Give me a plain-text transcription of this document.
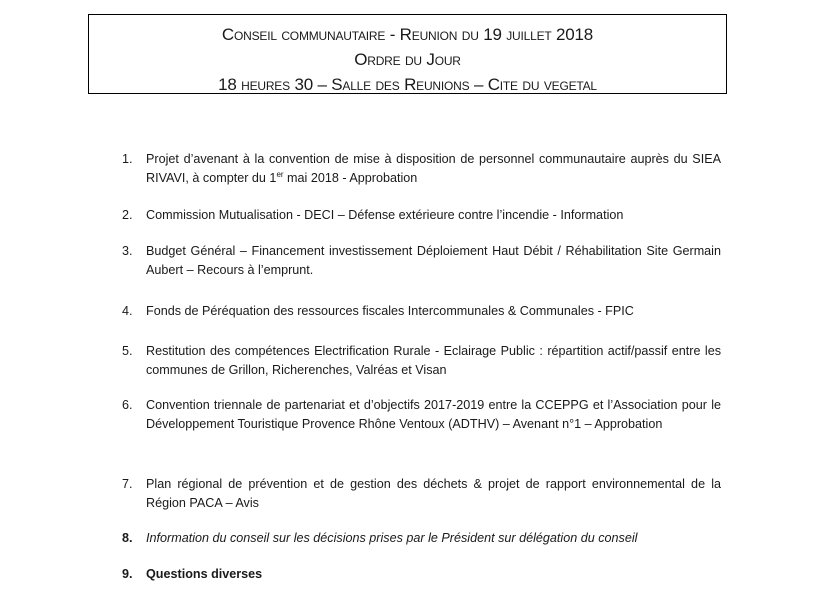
Conseil communautaire - Reunion du 19 juillet 2018
Ordre du Jour
18 heures 30 – Salle des Reunions – Cite du vegetal
1.	Projet d’avenant à la convention de mise à disposition de personnel communautaire auprès du SIEA RIVAVI, à compter du 1er mai 2018 - Approbation
2.	Commission Mutualisation - DECI – Défense extérieure contre l’incendie - Information
3.	Budget Général – Financement investissement Déploiement Haut Débit / Réhabilitation Site Germain Aubert – Recours à l’emprunt.
4.	Fonds de Péréquation des ressources fiscales Intercommunales & Communales - FPIC
5.	Restitution des compétences Electrification Rurale - Eclairage Public : répartition actif/passif entre les communes de Grillon, Richerenches, Valréas et Visan
6.	Convention triennale de partenariat et d’objectifs 2017-2019 entre la CCEPPG et l’Association pour le Développement Touristique Provence Rhône Ventoux (ADTHV) – Avenant n°1 – Approbation
7.	Plan régional de prévention et de gestion des déchets & projet de rapport environnemental de la Région PACA – Avis
8.	Information du conseil sur les décisions prises par le Président sur délégation du conseil
9.	Questions diverses
